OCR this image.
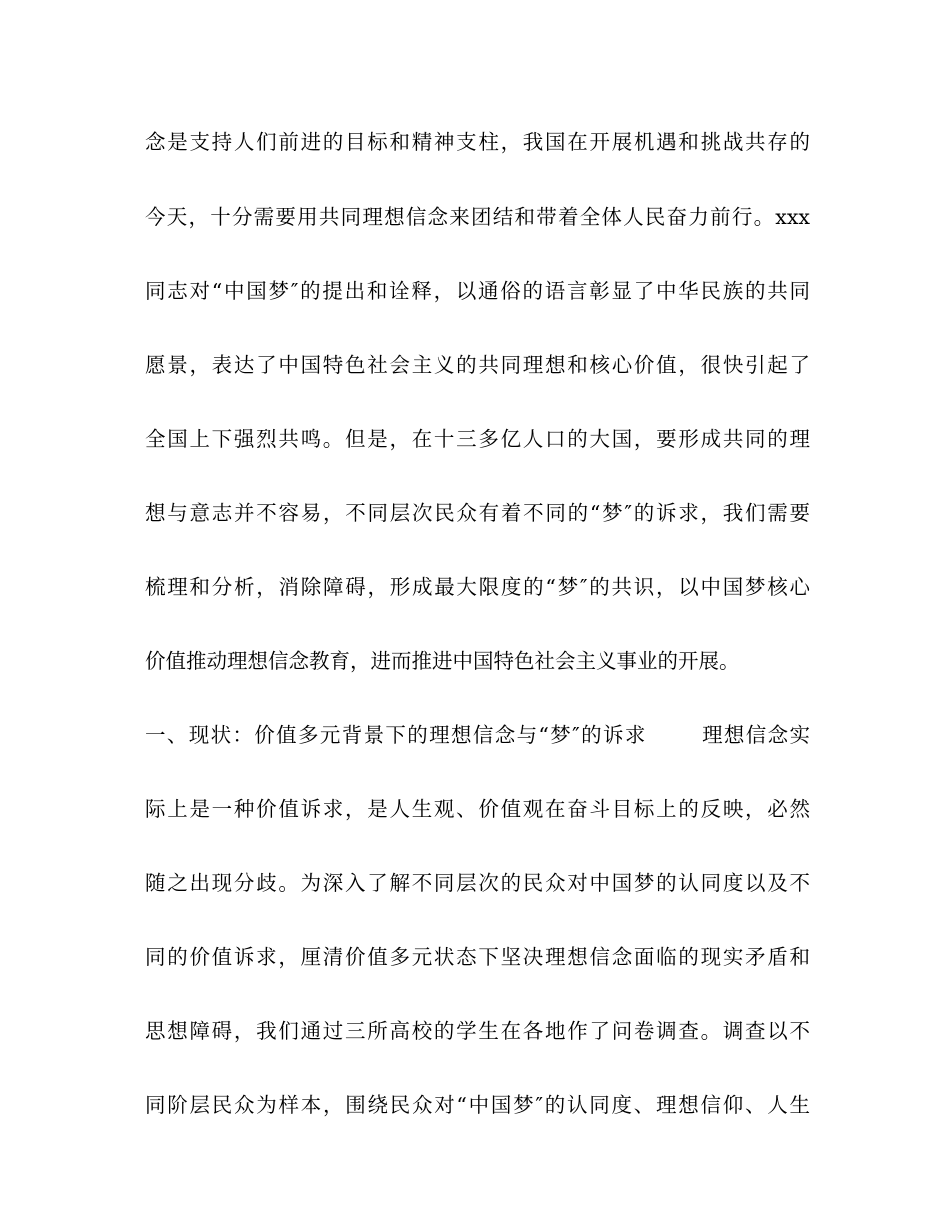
念是支持人们前进的目标和精神支柱，我国在开展机遇和挑战共存的
今天，十分需要用共同理想信念来团结和带着全体人民奋力前行。xxx
同志对“中国梦″的提出和诠释，以通俗的语言彰显了中华民族的共同
愿景，表达了中国特色社会主义的共同理想和核心价值，很快引起了
全国上下强烈共鸣。但是，在十三多亿人口的大国，要形成共同的理
想与意志并不容易，不同层次民众有着不同的“梦″的诉求，我们需要
梳理和分析，消除障碍，形成最大限度的“梦″的共识，以中国梦核心
价值推动理想信念教育，进而推进中国特色社会主义事业的开展。
一、现状：价值多元背景下的理想信念与“梦″的诉求	理想信念实
际上是一种价值诉求，是人生观、价值观在奋斗目标上的反映，必然
随之出现分歧。为深入了解不同层次的民众对中国梦的认同度以及不
同的价值诉求，厘清价值多元状态下坚决理想信念面临的现实矛盾和
思想障碍，我们通过三所高校的学生在各地作了问卷调查。调查以不
同阶层民众为样本，围绕民众对“中国梦″的认同度、理想信仰、人生
